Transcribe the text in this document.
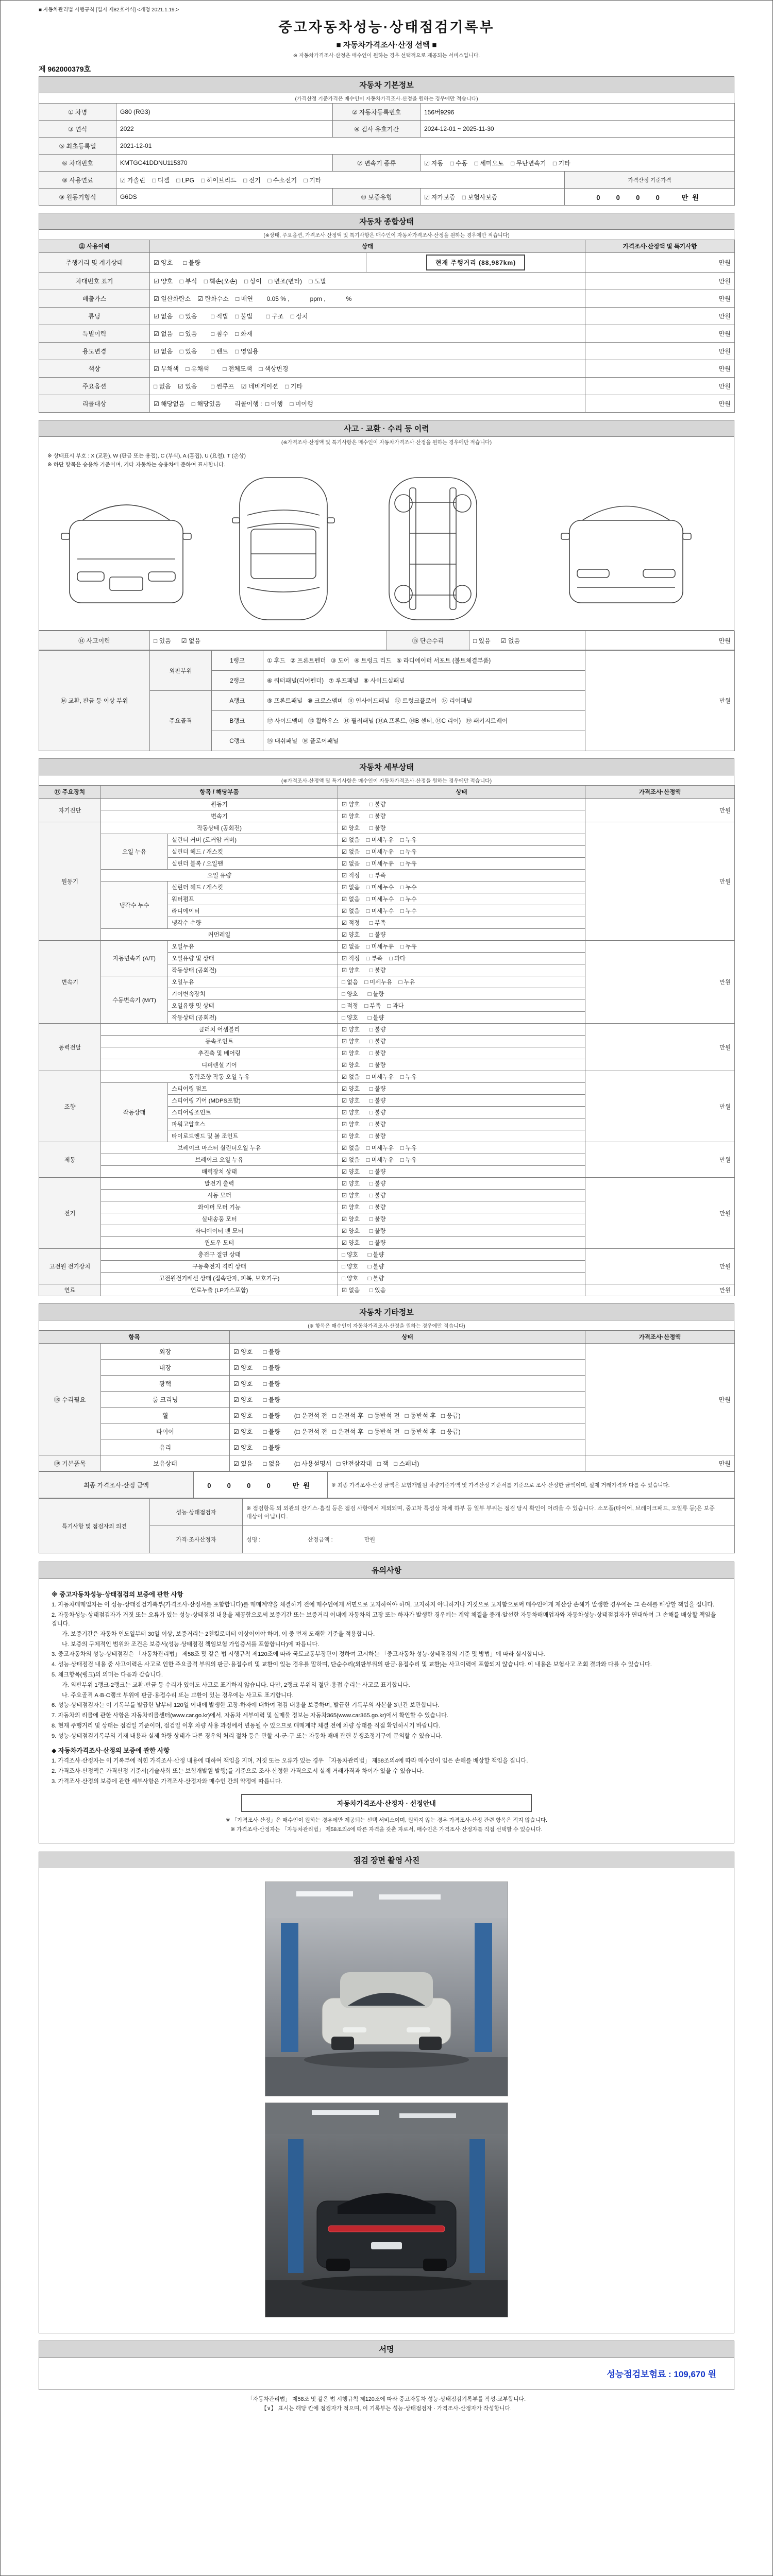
■ 자동차관리법 시행규칙 [별지 제82호서식] <개정 2021.1.19.>
중고자동차성능·상태점검기록부
■ 자동차가격조사·산정 선택 ■
※ 자동차가격조사·산정은 매수인이 원하는 경우 선택적으로 제공되는 서비스입니다.
제 962000379호
자동차 기본정보
(가격산정 기준가격은 매수인이 자동차가격조사·산정을 원하는 경우에만 적습니다)
① 차명	G80 (RG3)	② 자동차등록번호	156버9296	
③ 연식	2022	④ 검사 유효기간	2024-12-01 ~ 2025-11-30	
⑤ 최초등록일	2021-12-01			
⑥ 차대번호	KMTGC41DDNU115370	⑦ 변속기 종류	☑ 자동    □ 수동    □ 세미오토    □ 무단변속기    □ 기타	
⑧ 사용연료	☑ 가솔린    □ 디젤    □ LPG    □ 하이브리드    □ 전기    □ 수소전기    □ 기타			가격산정 기준가격
⑨ 원동기형식	G6DS	⑩ 보증유형	☑ 자가보증    □ 보험사보증	0  0  0  0   만원
자동차 종합상태
(※상태, 주요옵션, 가격조사·산정액 및 특기사항은 매수인이 자동차가격조사·산정을 원하는 경우에만 적습니다)
⑪ 사용이력	상태		가격조사·산정액 및 특기사항
주행거리 및 계기상태	☑ 양호      □ 불량	현재 주행거리 (88,987km)	만원
차대번호 표기	☑ 양호    □ 부식    □ 훼손(오손)    □ 상이    □ 변조(변타)    □ 도말		만원
배출가스	☑ 일산화탄소    ☑ 탄화수소    □ 매연        0.05 % ,            ppm ,            %		만원
튜닝	☑ 없음    □ 있음        □ 적법    □ 불법        □ 구조    □ 장치		만원
특별이력	☑ 없음    □ 있음        □ 침수    □ 화재		만원
용도변경	☑ 없음    □ 있음        □ 렌트    □ 영업용		만원
색상	☑ 무채색    □ 유채색        □ 전체도색    □ 색상변경		만원
주요옵션	□ 없음    ☑ 있음        □ 썬루프    ☑ 네비게이션    □ 기타		만원
리콜대상	☑ 해당없음    □ 해당있음        리콜이행 :  □ 이행    □ 미이행		만원
사고 · 교환 · 수리 등 이력
(※가격조사·산정액 및 특기사항은 매수인이 자동차가격조사·산정을 원하는 경우에만 적습니다)
※ 상태표시 부호 : X (교환), W (판금 또는 용접), C (부식), A (흠집), U (요철), T (손상)
※ 하단 항목은 승용차 기준이며, 기타 자동차는 승용차에 준하여 표시합니다.
⑭ 사고이력	□ 있음      ☑ 없음	⑮ 단순수리	□ 있음      ☑ 없음	만원
⑯ 교환, 판금 등 이상 부위	외판부위	1랭크	① 후드   ② 프론트펜더   ③ 도어   ④ 트렁크 리드   ⑤ 라디에이터 서포트 (볼트체결부품)	만원
		2랭크	⑥ 쿼터패널(리어펜더)   ⑦ 루프패널   ⑧ 사이드실패널	
	주요골격	A랭크	⑨ 프론트패널   ⑩ 크로스멤버   ⑪ 인사이드패널   ⑰ 트렁크플로어   ⑱ 리어패널	
		B랭크	⑫ 사이드멤버   ⑬ 휠하우스   ⑭ 필러패널 (⑭A 프론트, ⑭B 센터, ⑭C 리어)   ⑲ 패키지트레이	
		C랭크	⑮ 대쉬패널   ⑯ 플로어패널	
자동차 세부상태
(※가격조사·산정액 및 특기사항은 매수인이 자동차가격조사·산정을 원하는 경우에만 적습니다)
⑰ 주요장치	항목 / 해당부품		상태	가격조사·산정액
자기진단	원동기		☑ 양호      □ 불량	만원
	변속기		☑ 양호      □ 불량	
원동기	작동상태 (공회전)		☑ 양호      □ 불량	만원
	오일 누유	실린더 커버 (로커암 커버)	☑ 없음    □ 미세누유    □ 누유	
		실린더 헤드 / 개스킷	☑ 없음    □ 미세누유    □ 누유	
		실린더 블록 / 오일팬	☑ 없음    □ 미세누유    □ 누유	
	오일 유량		☑ 적정      □ 부족	
	냉각수 누수	실린더 헤드 / 개스킷	☑ 없음    □ 미세누수    □ 누수	
		워터펌프	☑ 없음    □ 미세누수    □ 누수	
		라디에이터	☑ 없음    □ 미세누수    □ 누수	
		냉각수 수량	☑ 적정      □ 부족	
	커먼레일		☑ 양호      □ 불량	
변속기	자동변속기 (A/T)	오일누유	☑ 없음    □ 미세누유    □ 누유	만원
		오일유량 및 상태	☑ 적정    □ 부족    □ 과다	
		작동상태 (공회전)	☑ 양호      □ 불량	
	수동변속기 (M/T)	오일누유	□ 없음    □ 미세누유    □ 누유	
		기어변속장치	□ 양호      □ 불량	
		오일유량 및 상태	□ 적정    □ 부족    □ 과다	
		작동상태 (공회전)	□ 양호      □ 불량	
동력전달	클러치 어셈블리		☑ 양호      □ 불량	만원
	등속조인트		☑ 양호      □ 불량	
	추진축 및 베어링		☑ 양호      □ 불량	
	디퍼렌셜 기어		☑ 양호      □ 불량	
조향	동력조향 작동 오일 누유		☑ 없음    □ 미세누유    □ 누유	만원
	작동상태	스티어링 펌프	☑ 양호      □ 불량	
		스티어링 기어 (MDPS포함)	☑ 양호      □ 불량	
		스티어링조인트	☑ 양호      □ 불량	
		파워고압호스	☑ 양호      □ 불량	
		타이로드엔드 및 볼 조인트	☑ 양호      □ 불량	
제동	브레이크 마스터 실린더오일 누유		☑ 없음    □ 미세누유    □ 누유	만원
	브레이크 오일 누유		☑ 없음    □ 미세누유    □ 누유	
	배력장치 상태		☑ 양호      □ 불량	
전기	발전기 출력		☑ 양호      □ 불량	만원
	시동 모터		☑ 양호      □ 불량	
	와이퍼 모터 기능		☑ 양호      □ 불량	
	실내송풍 모터		☑ 양호      □ 불량	
	라디에이터 팬 모터		☑ 양호      □ 불량	
	윈도우 모터		☑ 양호      □ 불량	
고전원 전기장치	충전구 절연 상태		□ 양호      □ 불량	만원
	구동축전지 격리 상태		□ 양호      □ 불량	
	고전원전기배선 상태 (접속단자, 피복, 보호기구)		□ 양호      □ 불량	
연료	연료누출 (LP가스포함)		☑ 없음      □ 있음	만원
자동차 기타정보
(※ 항목은 매수인이 자동차가격조사·산정을 원하는 경우에만 적습니다)
항목		상태	가격조사·산정액
⑱ 수리필요	외장	☑ 양호      □ 불량	만원
	내장	☑ 양호      □ 불량	
	광택	☑ 양호      □ 불량	
	룸 크리닝	☑ 양호      □ 불량	
	휠	☑ 양호      □ 불량        (□ 운전석 전   □ 운전석 후   □ 동반석 전   □ 동반석 후   □ 응급)	
	타이어	☑ 양호      □ 불량        (□ 운전석 전   □ 운전석 후   □ 동반석 전   □ 동반석 후   □ 응급)	
	유리	☑ 양호      □ 불량	
⑲ 기본품목	보유상태	☑ 있음      □ 없음        (□ 사용설명서   □ 안전삼각대   □ 잭   □ 스패너)	만원
최종 가격조사·산정 금액	0  0  0  0   만원	※ 최종 가격조사·산정 금액은 보험개발원 차량기준가액 및 가격산정 기준서를 기준으로 조사·산정한 금액이며, 실제 거래가격과 다를 수 있습니다.
특기사항 및 점검자의 의견	성능·상태점검자	※ 점검항목 외 외관의 잔기스·흠집 등은 점검 사항에서 제외되며, 중고차 특성상 차체 하부 등 일부 부위는 점검 당시 확인이 어려울 수 있습니다. 소모품(타이어, 브레이크패드, 오일류 등)은 보증 대상이 아닙니다.
	가격·조사산정자	성명 :                              산정금액 :                    만원
유의사항
※ 중고자동차성능·상태점검의 보증에 관한 사항
1. 자동차매매업자는 이 성능·상태점검기록부(가격조사·산정서를 포함합니다)를 매매계약을 체결하기 전에 매수인에게 서면으로 고지하여야 하며, 고지하지 아니하거나 거짓으로 고지함으로써 매수인에게 재산상 손해가 발생한 경우에는 그 손해를 배상할 책임을 집니다.
2. 자동차성능·상태점검자가 거짓 또는 오류가 있는 성능·상태점검 내용을 제공함으로써 보증기간 또는 보증거리 이내에 자동차의 고장 또는 하자가 발생한 경우에는 계약 체결을 중개·알선한 자동차매매업자와 자동차성능·상태점검자가 연대하여 그 손해를 배상할 책임을 집니다.
가. 보증기간은 자동차 인도일부터 30일 이상, 보증거리는 2천킬로미터 이상이어야 하며, 이 중 먼저 도래한 기준을 적용합니다.
나. 보증의 구체적인 범위와 조건은 보증서(성능·상태점검 책임보험 가입증서를 포함합니다)에 따릅니다.
3. 중고자동차의 성능·상태점검은 「자동차관리법」 제58조 및 같은 법 시행규칙 제120조에 따라 국토교통부장관이 정하여 고시하는 「중고자동차 성능·상태점검의 기준 및 방법」에 따라 실시합니다.
4. 성능·상태점검 내용 중 사고이력은 사고로 인한 주요골격 부위의 판금·용접수리 및 교환이 있는 경우를 말하며, 단순수리(외판부위의 판금·용접수리 및 교환)는 사고이력에 포함되지 않습니다. 이 내용은 보험사고 조회 결과와 다를 수 있습니다.
5. 체크항목(랭크)의 의미는 다음과 같습니다.
가. 외판부위 1랭크·2랭크는 교환·판금 등 수리가 있어도 사고로 표기하지 않습니다. 다만, 2랭크 부위의 절단·용접 수리는 사고로 표기합니다.
나. 주요골격 A·B·C랭크 부위에 판금·용접수리 또는 교환이 있는 경우에는 사고로 표기합니다.
6. 성능·상태점검자는 이 기록부를 발급한 날부터 120일 이내에 발생한 고장·하자에 대하여 점검 내용을 보증하며, 발급한 기록부의 사본을 3년간 보관합니다.
7. 자동차의 리콜에 관한 사항은 자동차리콜센터(www.car.go.kr)에서, 자동차 세부이력 및 실매물 정보는 자동차365(www.car365.go.kr)에서 확인할 수 있습니다.
8. 현재 주행거리 및 상태는 점검일 기준이며, 점검일 이후 차량 사용 과정에서 변동될 수 있으므로 매매계약 체결 전에 차량 상태를 직접 확인하시기 바랍니다.
9. 성능·상태점검기록부의 기재 내용과 실제 차량 상태가 다른 경우의 처리 절차 등은 관할 시·군·구 또는 자동차 매매 관련 분쟁조정기구에 문의할 수 있습니다.
◆ 자동차가격조사·산정의 보증에 관한 사항
1. 가격조사·산정자는 이 기록부에 적힌 가격조사·산정 내용에 대하여 책임을 지며, 거짓 또는 오류가 있는 경우 「자동차관리법」 제58조의4에 따라 매수인이 입은 손해를 배상할 책임을 집니다.
2. 가격조사·산정액은 가격산정 기준서(기술사회 또는 보험개발원 발행)를 기준으로 조사·산정한 가격으로서 실제 거래가격과 차이가 있을 수 있습니다.
3. 가격조사·산정의 보증에 관한 세부사항은 가격조사·산정자와 매수인 간의 약정에 따릅니다.
자동차가격조사·산정자 · 선정안내
※ 「가격조사·산정」은 매수인이 원하는 경우에만 제공되는 선택 서비스이며, 원하지 않는 경우 가격조사·산정 관련 항목은 적지 않습니다.
※ 가격조사·산정자는 「자동차관리법」 제58조의4에 따른 자격을 갖춘 자로서, 매수인은 가격조사·산정자를 직접 선택할 수 있습니다.
점검 장면 촬영 사진
서명
성능점검보험료 : 109,670 원
「자동차관리법」 제58조 및 같은 법 시행규칙 제120조에 따라 중고자동차 성능·상태점검기록부를 작성·교부합니다.
【∨】 표시는 해당 칸에 점검자가 적으며, 이 기록부는 성능·상태점검자 · 가격조사·산정자가 작성합니다.
